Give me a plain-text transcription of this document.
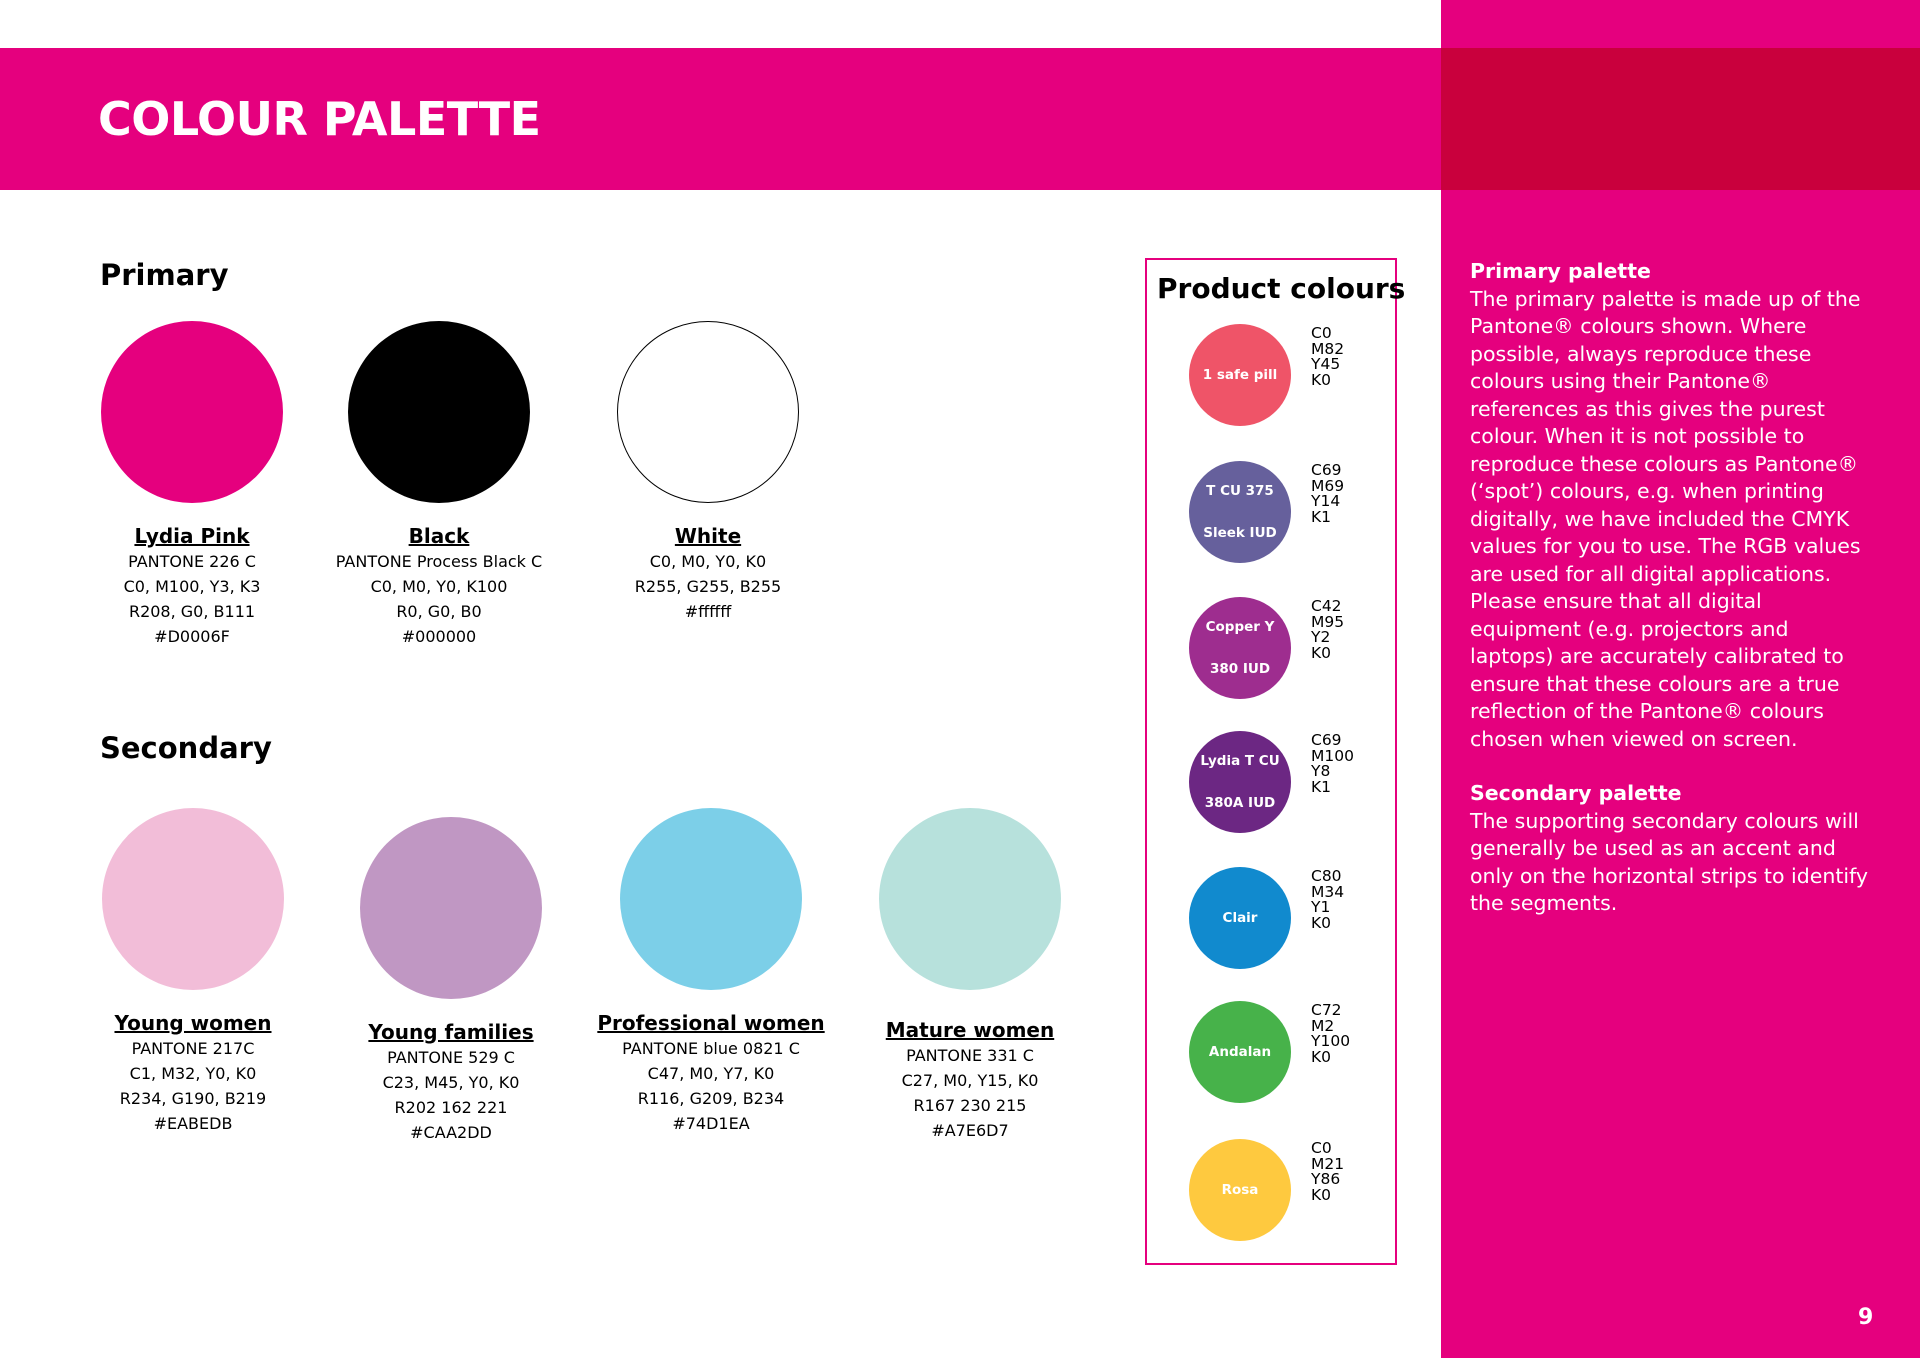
COLOUR PALETTE
Primary palette

The primary palette is made up of the Pantone® colours shown. Where possible, always reproduce these colours using their Pantone® references as this gives the purest colour. When it is not possible to reproduce these colours as Pantone® (‘spot’) colours, e.g. when printing digitally, we have included the CMYK values for you to use. The RGB values are used for all digital applications. Please ensure that all digital equipment (e.g. projectors and laptops) are accurately calibrated to ensure that these colours are a true reflection of the Pantone® colours chosen when viewed on screen.

Secondary palette

The supporting secondary colours will generally be used as an accent and only on the horizontal strips to identify the segments.

9
Primary
Lydia Pink
PANTONE 226 C
C0, M100, Y3, K3
R208, G0, B111
#D0006F
Black
PANTONE Process Black C
C0, M0, Y0, K100
R0, G0, B0
#000000
White
C0, M0, Y0, K0
R255, G255, B255
#ffffff
Secondary
Young women
PANTONE 217C
C1, M32, Y0, K0
R234, G190, B219
#EABEDB
Young families
PANTONE 529 C
C23, M45, Y0, K0
R202 162 221
#CAA2DD
Professional women
PANTONE blue 0821 C
C47, M0, Y7, K0
R116, G209, B234
#74D1EA
Mature women
PANTONE 331 C
C27, M0, Y15, K0
R167 230 215
#A7E6D7
Product colours
1 safe pill
C0
M82
Y45
K0
T CU 375

Sleek IUD
C69
M69
Y14
K1
Copper Y

380 IUD
C42
M95
Y2
K0
Lydia T CU

380A IUD
C69
M100
Y8
K1
Clair
C80
M34
Y1
K0
Andalan
C72
M2
Y100
K0
Rosa
C0
M21
Y86
K0
